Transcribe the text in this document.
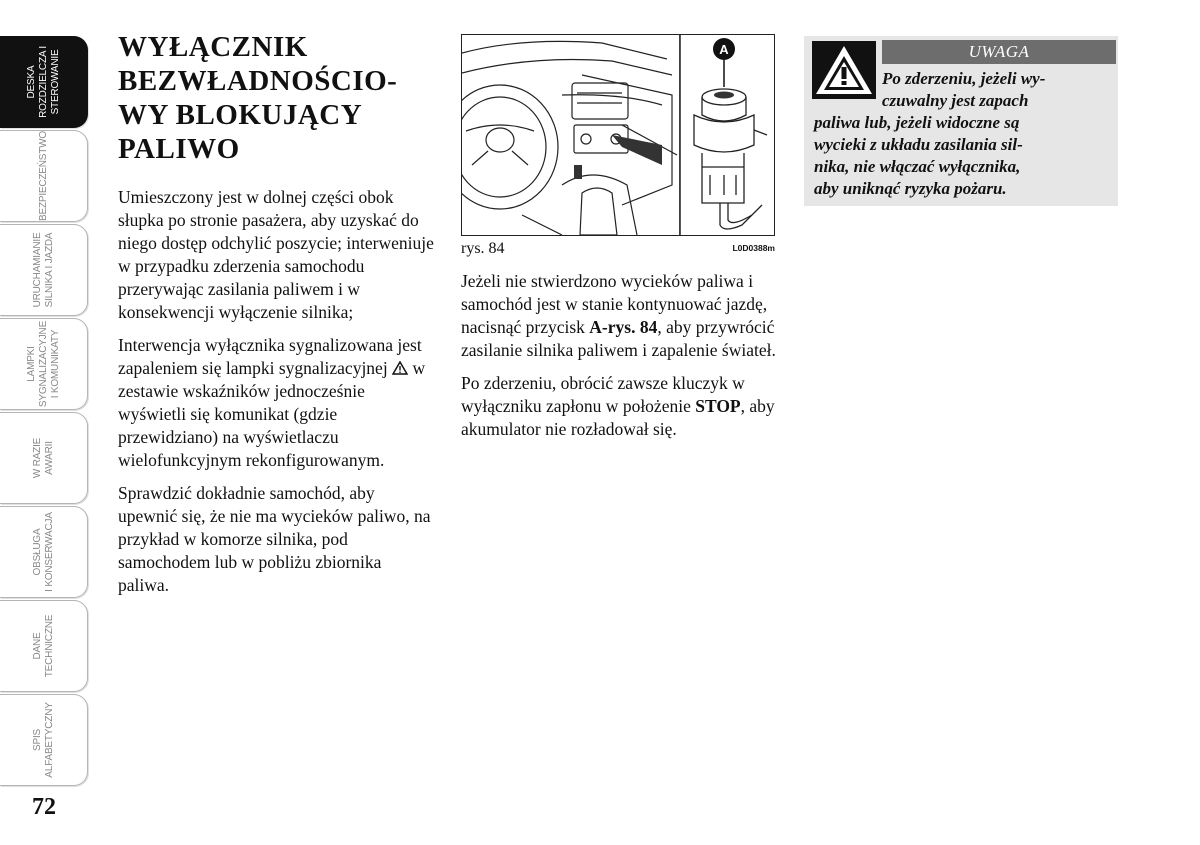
DESKA ROZDZIELCZA I STEROWANIE
BEZPIECZEŃSTWO
URUCHAMIANIE SILNIKA I JAZDA
LAMPKI SYGNALIZACYJNE I KOMUNIKATY
W RAZIE AWARII
OBSŁUGA I KONSERWACJA
DANE TECHNICZNE
SPIS ALFABETYCZNY
72
WYŁĄCZNIK
BEZWŁADNOŚCIO-
WY BLOKUJĄCY
PALIWO

Umieszczony jest w dolnej części obok słupka po stronie pasażera, aby uzyskać do niego dostęp odchylić poszycie; interweniuje w przypadku zderzenia samochodu przerywając zasilania paliwem i w konsekwencji wyłączenie silnika;

Interwencja wyłącznika sygnalizowana jest zapaleniem się lampki sygnalizacyjnej  w zestawie wskaźników jednocześnie wyświetli się komunikat (gdzie przewidziano) na wyświetlaczu wielofunkcyjnym rekonfigurowanym.

Sprawdzić dokładnie samochód, aby upewnić się, że nie ma wycieków paliwo, na przykład w komorze silnika, pod samochodem lub w pobliżu zbiornika paliwa.

A
rys. 84	L0D0388m

Jeżeli nie stwierdzono wycieków paliwa i samochód jest w stanie kontynuować jazdę, nacisnąć przycisk A-rys. 84, aby przywrócić zasilanie silnika paliwem i zapalenie świateł.

Po zderzeniu, obrócić zawsze kluczyk w wyłączniku zapłonu w położenie STOP, aby akumulator nie rozładował się.

UWAGA
Po zderzeniu, jeżeli wy-
czuwalny jest zapach
paliwa lub, jeżeli widoczne są
wycieki z układu zasilania sil-
nika, nie włączać wyłącznika,
aby uniknąć ryzyka pożaru.
